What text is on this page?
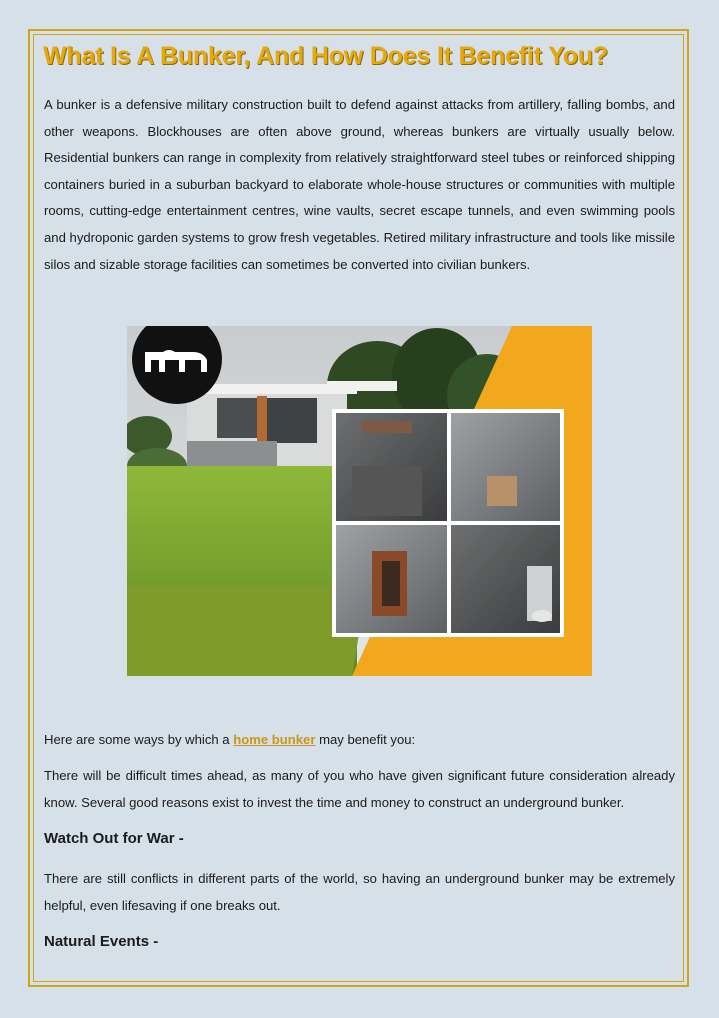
What Is A Bunker, And How Does It Benefit You?

A bunker is a defensive military construction built to defend against attacks from artillery, falling bombs, and other weapons. Blockhouses are often above ground, whereas bunkers are virtually usually below. Residential bunkers can range in complexity from relatively straightforward steel tubes or reinforced shipping containers buried in a suburban backyard to elaborate whole-house structures or communities with multiple rooms, cutting-edge entertainment centres, wine vaults, secret escape tunnels, and even swimming pools and hydroponic garden systems to grow fresh vegetables. Retired military infrastructure and tools like missile silos and sizable storage facilities can sometimes be converted into civilian bunkers.

Here are some ways by which a home bunker may benefit you:

There will be difficult times ahead, as many of you who have given significant future consideration already know. Several good reasons exist to invest the time and money to construct an underground bunker.

Watch Out for War -

There are still conflicts in different parts of the world, so having an underground bunker may be extremely helpful, even lifesaving if one breaks out.

Natural Events -
